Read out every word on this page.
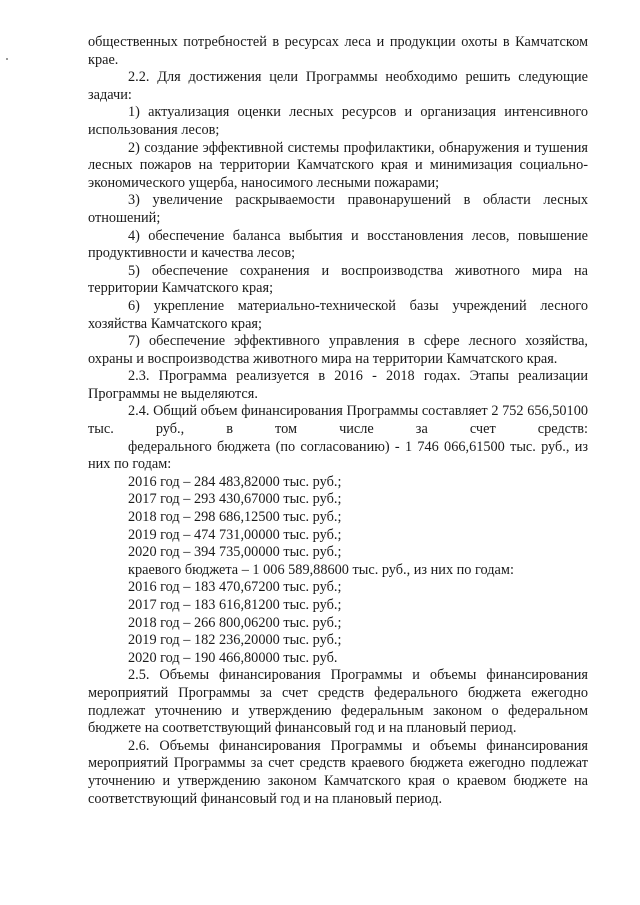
общественных потребностей в ресурсах леса и продукции охоты в Камчатском крае.

2.2. Для достижения цели Программы необходимо решить следующие задачи:

1) актуализация оценки лесных ресурсов и организация интенсивного использования лесов;

2) создание эффективной системы профилактики, обнаружения и тушения лесных пожаров на территории Камчатского края и минимизация социально-экономического ущерба, наносимого лесными пожарами;

3) увеличение раскрываемости правонарушений в области лесных отношений;

4) обеспечение баланса выбытия и восстановления лесов, повышение продуктивности и качества лесов;

5) обеспечение сохранения и воспроизводства животного мира на территории Камчатского края;

6) укрепление материально-технической базы учреждений лесного хозяйства Камчатского края;

7) обеспечение эффективного управления в сфере лесного хозяйства, охраны и воспроизводства животного мира на территории Камчатского края.

2.3. Программа реализуется в 2016 - 2018 годах. Этапы реализации Программы не выделяются.

2.4. Общий объем финансирования Программы составляет 2 752 656,50100 тыс. руб., в том числе за счет средств:

федерального бюджета (по согласованию) - 1 746 066,61500 тыс. руб., из них по годам:

2016 год – 284 483,82000 тыс. руб.;

2017 год – 293 430,67000 тыс. руб.;

2018 год – 298 686,12500 тыс. руб.;

2019 год – 474 731,00000 тыс. руб.;

2020 год – 394 735,00000 тыс. руб.;

краевого бюджета – 1 006 589,88600 тыс. руб., из них по годам:

2016 год – 183 470,67200 тыс. руб.;

2017 год – 183 616,81200 тыс. руб.;

2018 год – 266 800,06200 тыс. руб.;

2019 год – 182 236,20000 тыс. руб.;

2020 год – 190 466,80000 тыс. руб.

2.5. Объемы финансирования Программы и объемы финансирования мероприятий Программы за счет средств федерального бюджета ежегодно подлежат уточнению и утверждению федеральным законом о федеральном бюджете на соответствующий финансовый год и на плановый период.

2.6. Объемы финансирования Программы и объемы финансирования мероприятий Программы за счет средств краевого бюджета ежегодно подлежат уточнению и утверждению законом Камчатского края о краевом бюджете на соответствующий финансовый год и на плановый период.
